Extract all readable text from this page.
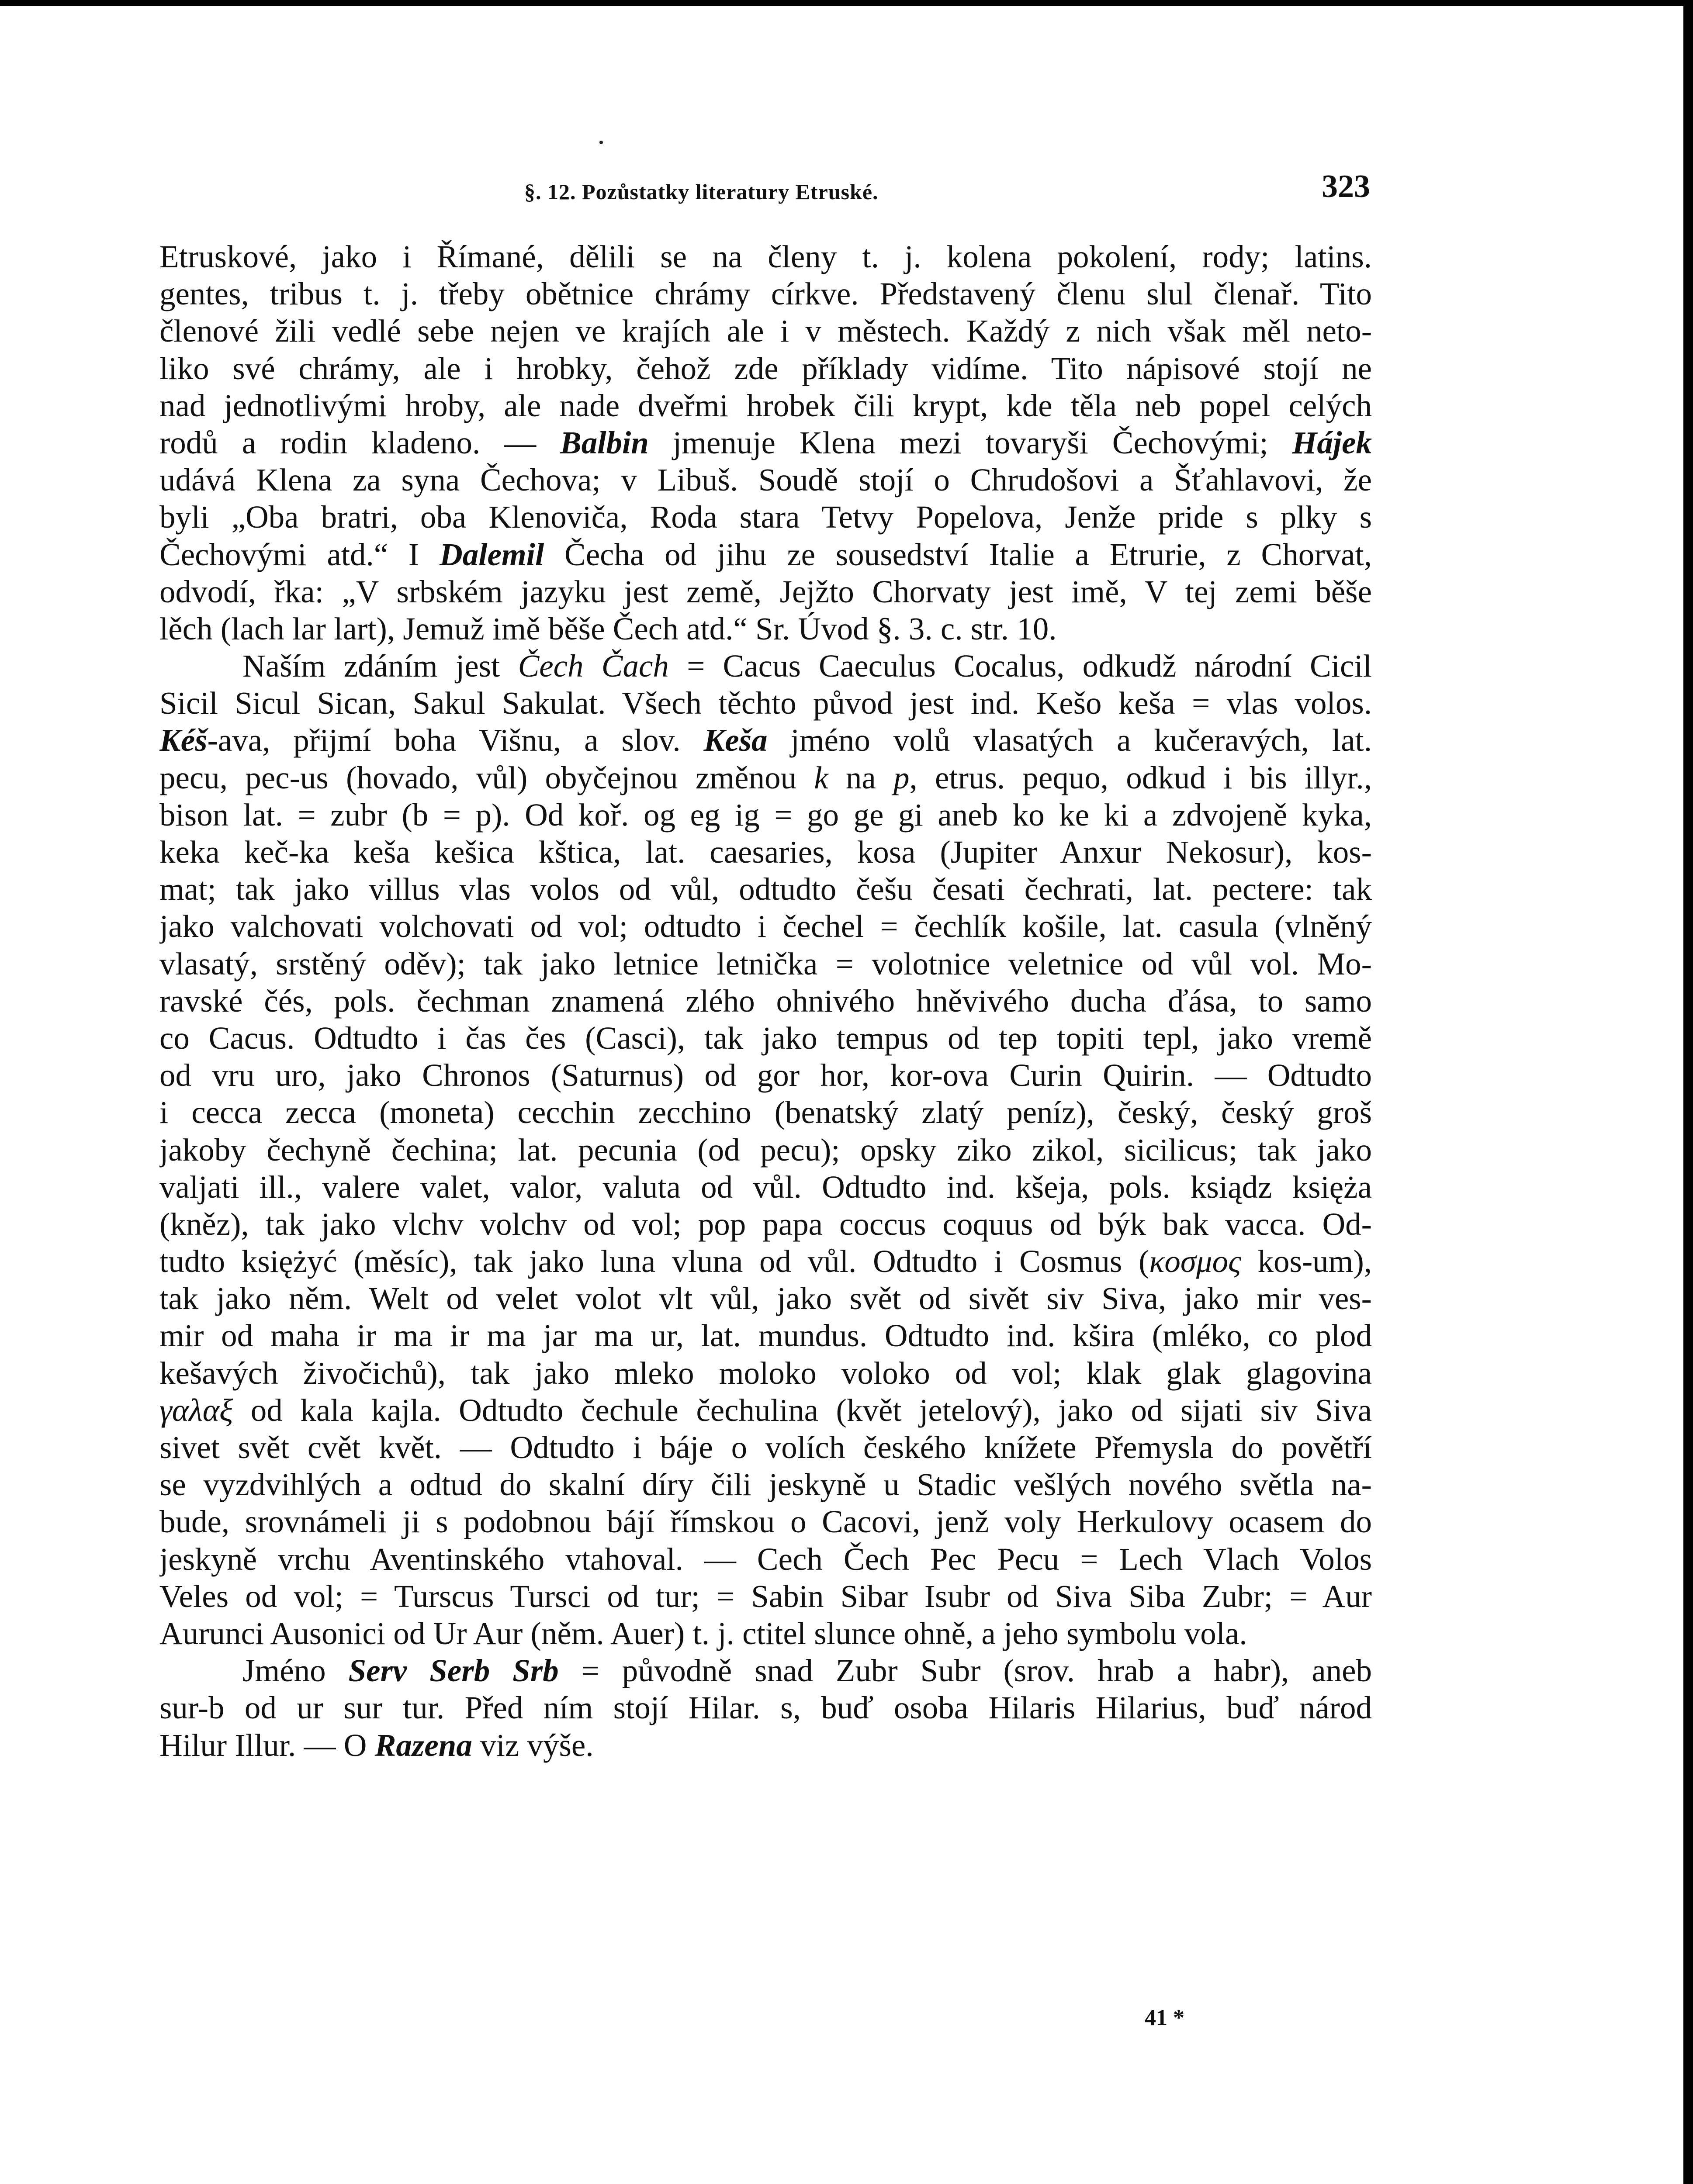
§. 12. Pozůstatky literatury Etruské.	323
Etruskové, jako i Římané, dělili se na členy t. j. kolena pokolení, rody; latins.
gentes, tribus t. j. třeby obětnice chrámy církve. Představený členu slul členař. Tito
členové žili vedlé sebe nejen ve krajích ale i v městech. Každý z nich však měl neto-
liko své chrámy, ale i hrobky, čehož zde příklady vidíme. Tito nápisové stojí ne
nad jednotlivými hroby, ale nade dveřmi hrobek čili krypt, kde těla neb popel celých
rodů a rodin kladeno. — Balbin jmenuje Klena mezi tovaryši Čechovými; Hájek
udává Klena za syna Čechova; v Libuš. Soudě stojí o Chrudošovi a Šťahlavovi, že
byli „Oba bratri, oba Klenoviča, Roda stara Tetvy Popelova, Jenže pride s plky s
Čechovými atd.“ I Dalemil Čecha od jihu ze sousedství Italie a Etrurie, z Chorvat,
odvodí, řka: „V srbském jazyku jest země, Jejžto Chorvaty jest imě, V tej zemi běše
lěch (lach lar lart), Jemuž imě běše Čech atd.“ Sr. Úvod §. 3. c. str. 10.
Naším zdáním jest Čech Čach = Cacus Caeculus Cocalus, odkudž národní Cicil
Sicil Sicul Sican, Sakul Sakulat. Všech těchto původ jest ind. Kešo keša = vlas volos.
Kéš-ava, přijmí boha Višnu, a slov. Keša jméno volů vlasatých a kučeravých, lat.
pecu, pec-us (hovado, vůl) obyčejnou změnou k na p, etrus. pequo, odkud i bis illyr.,
bison lat. = zubr (b = p). Od koř. og eg ig = go ge gi aneb ko ke ki a zdvojeně kyka,
keka keč-ka keša kešica kštica, lat. caesaries, kosa (Jupiter Anxur Nekosur), kos-
mat; tak jako villus vlas volos od vůl, odtudto češu česati čechrati, lat. pectere: tak
jako valchovati volchovati od vol; odtudto i čechel = čechlík košile, lat. casula (vlněný
vlasatý, srstěný oděv); tak jako letnice letnička = volotnice veletnice od vůl vol. Mo-
ravské čés, pols. čechman znamená zlého ohnivého hněvivého ducha ďása, to samo
co Cacus. Odtudto i čas čes (Casci), tak jako tempus od tep topiti tepl, jako vremě
od vru uro, jako Chronos (Saturnus) od gor hor, kor-ova Curin Quirin. — Odtudto
i cecca zecca (moneta) cecchin zecchino (benatský zlatý peníz), český, český groš
jakoby čechyně čechina; lat. pecunia (od pecu); opsky ziko zikol, sicilicus; tak jako
valjati ill., valere valet, valor, valuta od vůl. Odtudto ind. kšeja, pols. ksiądz księża
(kněz), tak jako vlchv volchv od vol; pop papa coccus coquus od býk bak vacca. Od-
tudto księżyć (měsíc), tak jako luna vluna od vůl. Odtudto i Cosmus (κοσμος kos-um),
tak jako něm. Welt od velet volot vlt vůl, jako svět od sivět siv Siva, jako mir ves-
mir od maha ir ma ir ma jar ma ur, lat. mundus. Odtudto ind. kšira (mléko, co plod
kešavých živočichů), tak jako mleko moloko voloko od vol; klak glak glagovina
γαλαξ od kala kajla. Odtudto čechule čechulina (květ jetelový), jako od sijati siv Siva
sivet svět cvět květ. — Odtudto i báje o volích českého knížete Přemysla do povětří
se vyzdvihlých a odtud do skalní díry čili jeskyně u Stadic vešlých nového světla na-
bude, srovnámeli ji s podobnou bájí římskou o Cacovi, jenž voly Herkulovy ocasem do
jeskyně vrchu Aventinského vtahoval. — Cech Čech Pec Pecu = Lech Vlach Volos
Veles od vol; = Turscus Tursci od tur; = Sabin Sibar Isubr od Siva Siba Zubr; = Aur
Aurunci Ausonici od Ur Aur (něm. Auer) t. j. ctitel slunce ohně, a jeho symbolu vola.
Jméno Serv Serb Srb = původně snad Zubr Subr (srov. hrab a habr), aneb
sur-b od ur sur tur. Před ním stojí Hilar. s, buď osoba Hilaris Hilarius, buď národ
Hilur Illur. — O Razena viz výše.
41 *
